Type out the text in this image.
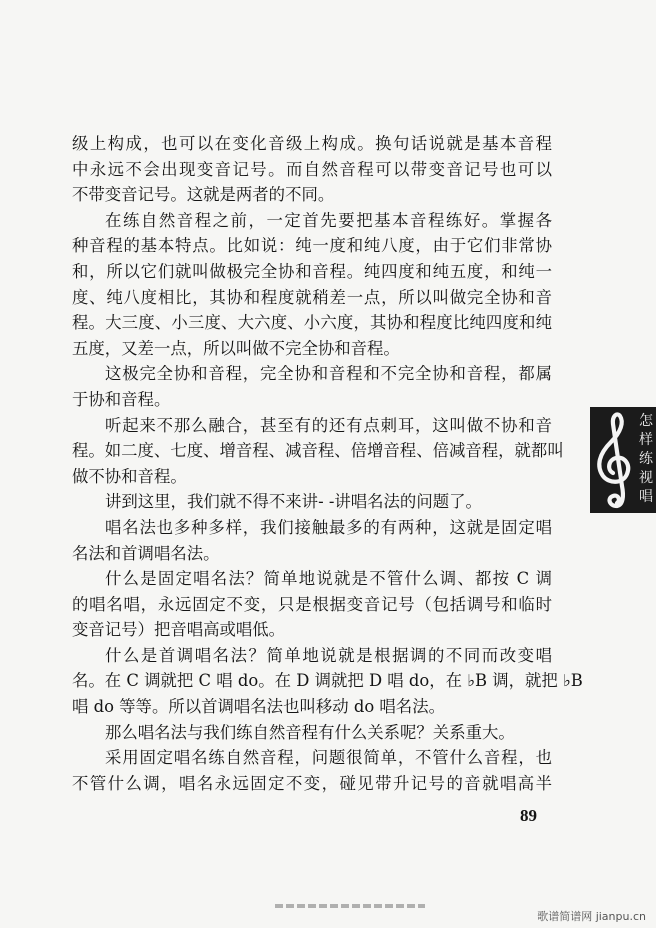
级上构成，也可以在变化音级上构成。换句话说就是基本音程
中永远不会出现变音记号。而自然音程可以带变音记号也可以
不带变音记号。这就是两者的不同。
在练自然音程之前，一定首先要把基本音程练好。掌握各
种音程的基本特点。比如说：纯一度和纯八度，由于它们非常协
和，所以它们就叫做极完全协和音程。纯四度和纯五度，和纯一
度、纯八度相比，其协和程度就稍差一点，所以叫做完全协和音
程。大三度、小三度、大六度、小六度，其协和程度比纯四度和纯
五度，又差一点，所以叫做不完全协和音程。
这极完全协和音程，完全协和音程和不完全协和音程，都属
于协和音程。
听起来不那么融合，甚至有的还有点刺耳，这叫做不协和音
程。如二度、七度、增音程、减音程、倍增音程、倍减音程，就都叫
做不协和音程。
讲到这里，我们就不得不来讲- -讲唱名法的问题了。
唱名法也多种多样，我们接触最多的有两种，这就是固定唱
名法和首调唱名法。
什么是固定唱名法？简单地说就是不管什么调、都按 C 调
的唱名唱，永远固定不变，只是根据变音记号（包括调号和临时
变音记号）把音唱高或唱低。
什么是首调唱名法？简单地说就是根据调的不同而改变唱
名。在 C 调就把 C 唱 do。在 D 调就把 D 唱 do，在 ♭B 调，就把 ♭B
唱 do 等等。所以首调唱名法也叫移动 do 唱名法。
那么唱名法与我们练自然音程有什么关系呢？关系重大。
采用固定唱名练自然音程，问题很简单，不管什么音程，也
不管什么调，唱名永远固定不变，碰见带升记号的音就唱高半
怎
样
练
视
唱
89
歌谱简谱网 jianpu.cn
